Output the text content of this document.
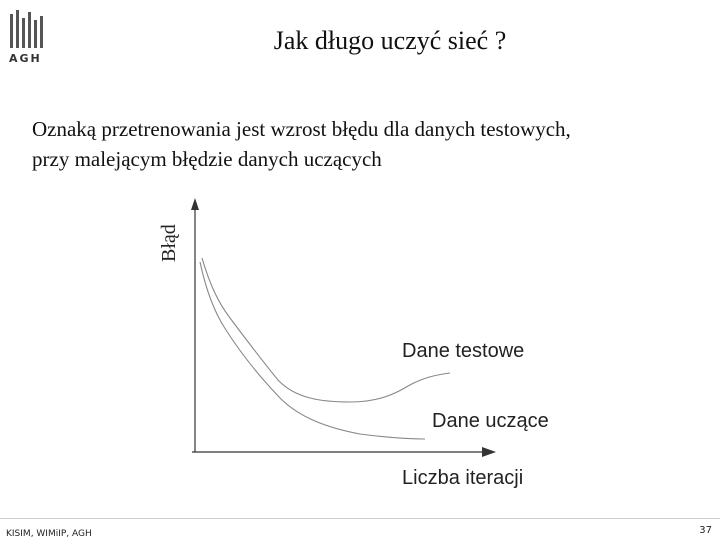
AGH
Jak długo uczyć sieć ?
Oznaką przetrenowania jest wzrost błędu dla danych testowych,
przy malejącym błędzie danych uczących
Błąd
Dane testowe
Dane uczące
Liczba iteracji
KISIM, WIMiIP, AGH	37
